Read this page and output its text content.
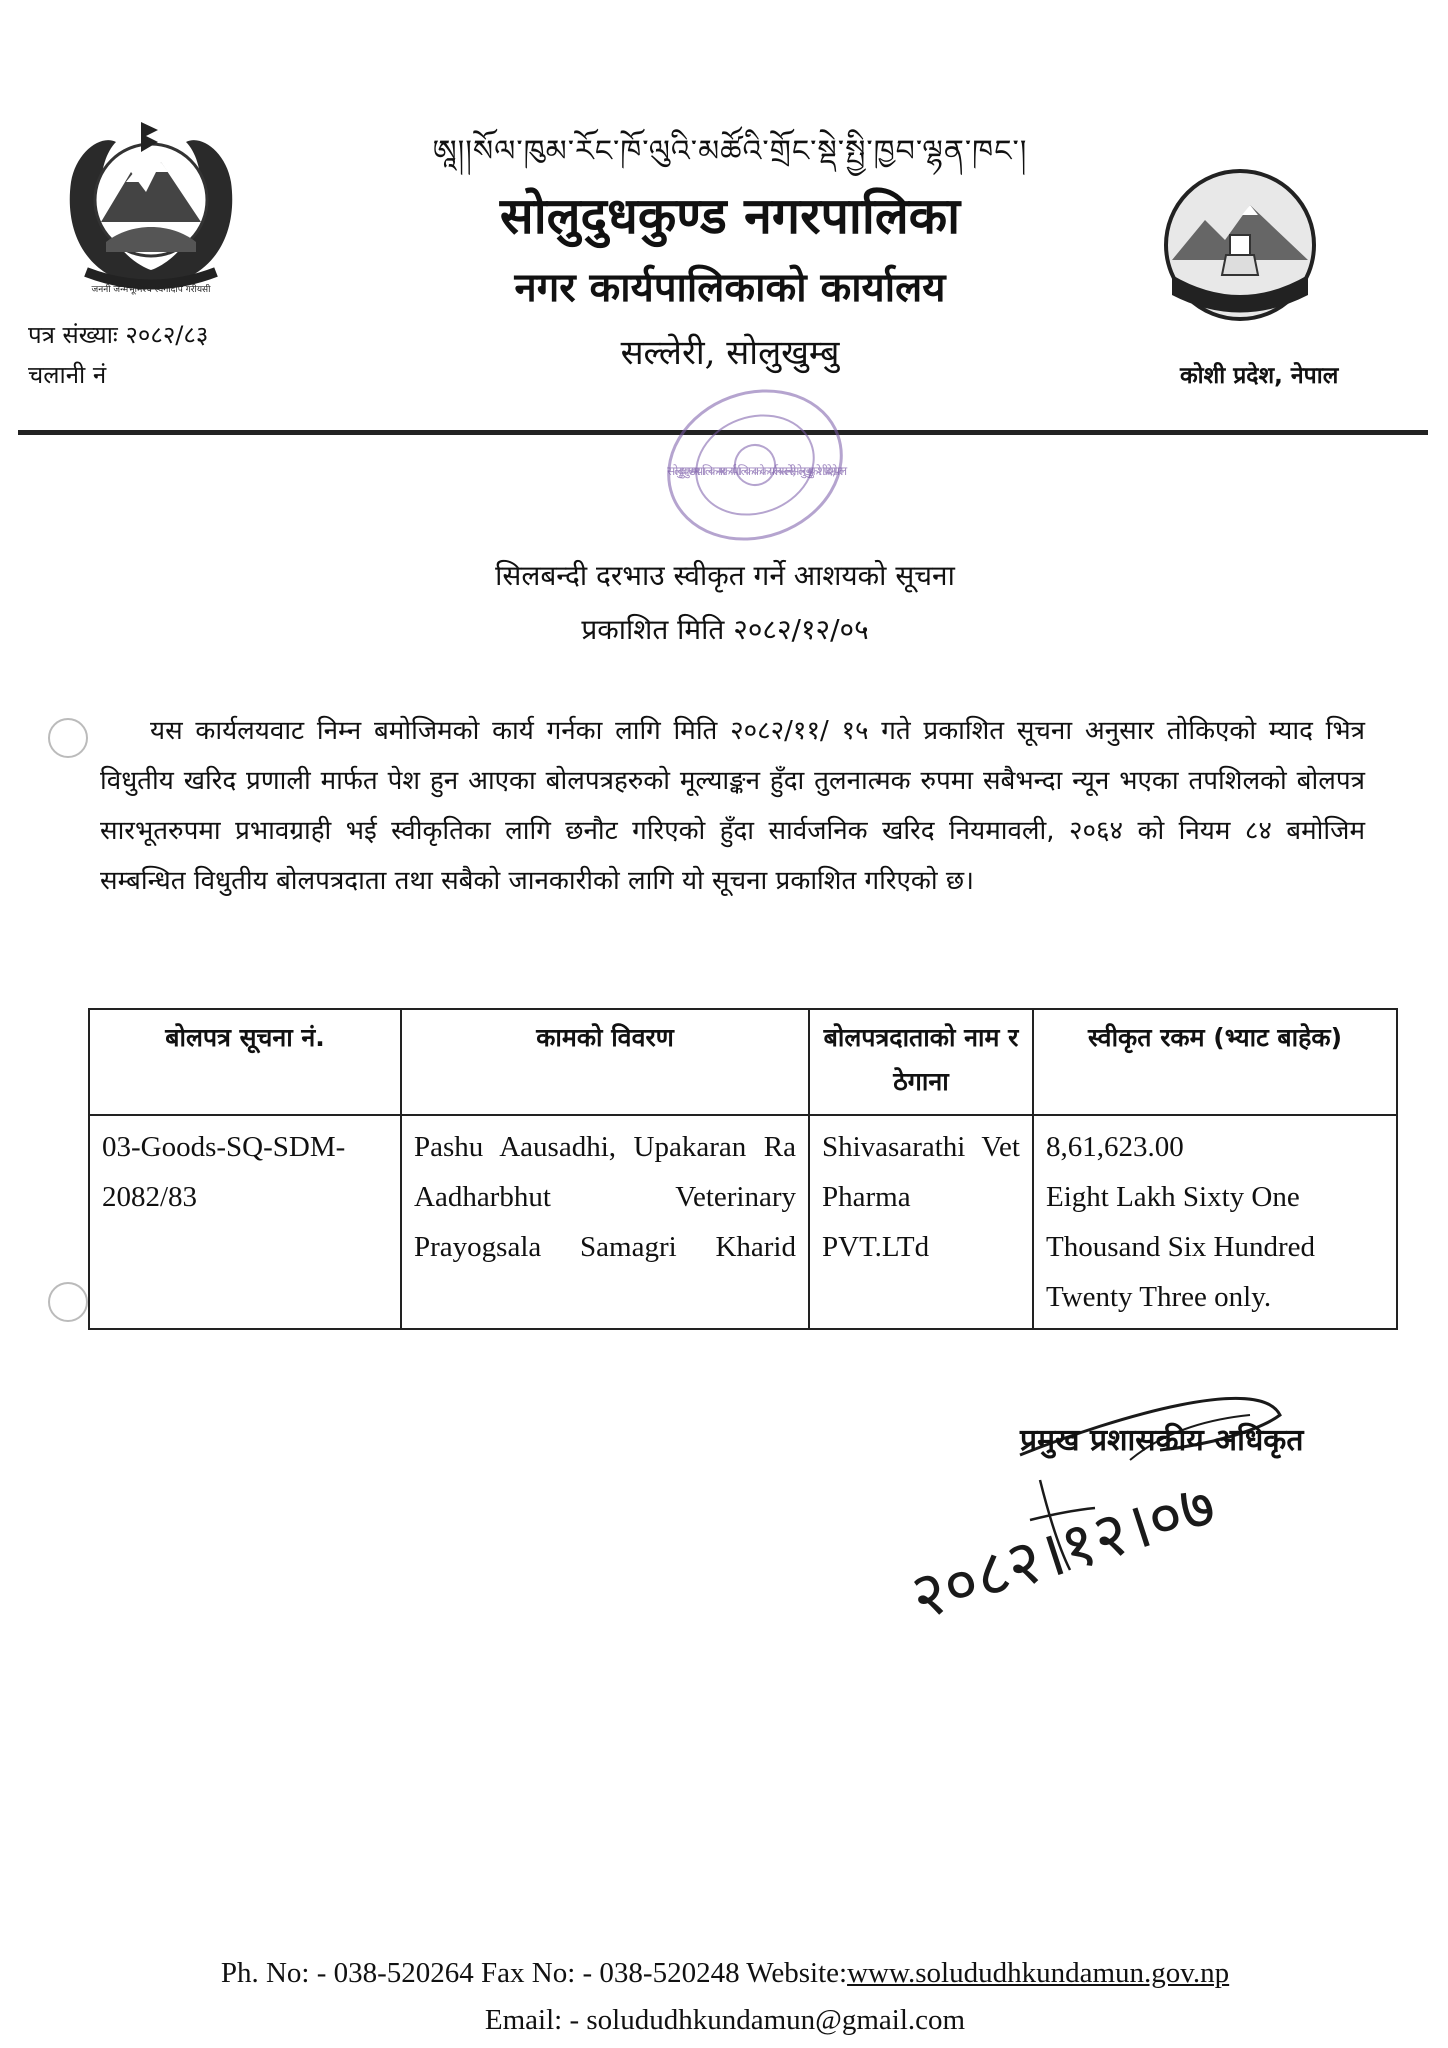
जननी जन्मभूमिश्च स्वर्गादपि गरीयसी
ཨཱ།།སོལ་ཁུམ་རོང་ཁོ་ལུའི་མཚོའི་གྲོང་སྡེ་སྤྱི་ཁྱབ་ལྷན་ཁང་།
सोलुदुधकुण्ड नगरपालिका
नगर कार्यपालिकाको कार्यालय
सल्लेरी, सोलुखुम्बु
पत्र संख्याः २०८२/८३
चलानी नं	कोशी प्रदेश, नेपाल
सोलुदुधकुण्ड नगरपालिका नगर कार्यपालिकाको कार्यालय सल्लेरी, सोलुखुम्बु कोशी प्रदेश, नेपाल
सिलबन्दी दरभाउ स्वीकृत गर्ने आशयको सूचना
प्रकाशित मिति २०८२/१२/०५
यस कार्यलयवाट निम्न बमोजिमको कार्य गर्नका लागि मिति २०८२/११/ १५ गते प्रकाशित सूचना अनुसार तोकिएको म्याद भित्र विधुतीय खरिद प्रणाली मार्फत पेश हुन आएका बोलपत्रहरुको मूल्याङ्कन हुँदा तुलनात्मक रुपमा सबैभन्दा न्यून भएका तपशिलको बोलपत्र सारभूतरुपमा प्रभावग्राही भई स्वीकृतिका लागि छनौट गरिएको हुँदा सार्वजनिक खरिद नियमावली, २०६४ को नियम ८४ बमोजिम सम्बन्धित विधुतीय बोलपत्रदाता तथा सबैको जानकारीको लागि यो सूचना प्रकाशित गरिएको छ।
बोलपत्र सूचना नं.	कामको विवरण	बोलपत्रदाताको नाम र ठेगाना	स्वीकृत रकम (भ्याट बाहेक)
03-Goods-SQ-SDM-2082/83	Pashu Aausadhi, Upakaran Ra Aadharbhut Veterinary Prayogsala Samagri Kharid	Shivasarathi Vet Pharma PVT.LTd	8,61,623.00
Eight Lakh Sixty One Thousand Six Hundred Twenty Three only.
प्रमुख प्रशासकीय अधिकृत
२०८२।१२।०७
Ph. No: - 038-520264 Fax No: - 038-520248 Website:www.solududhkundamun.gov.np
Email: - solududhkundamun@gmail.com
